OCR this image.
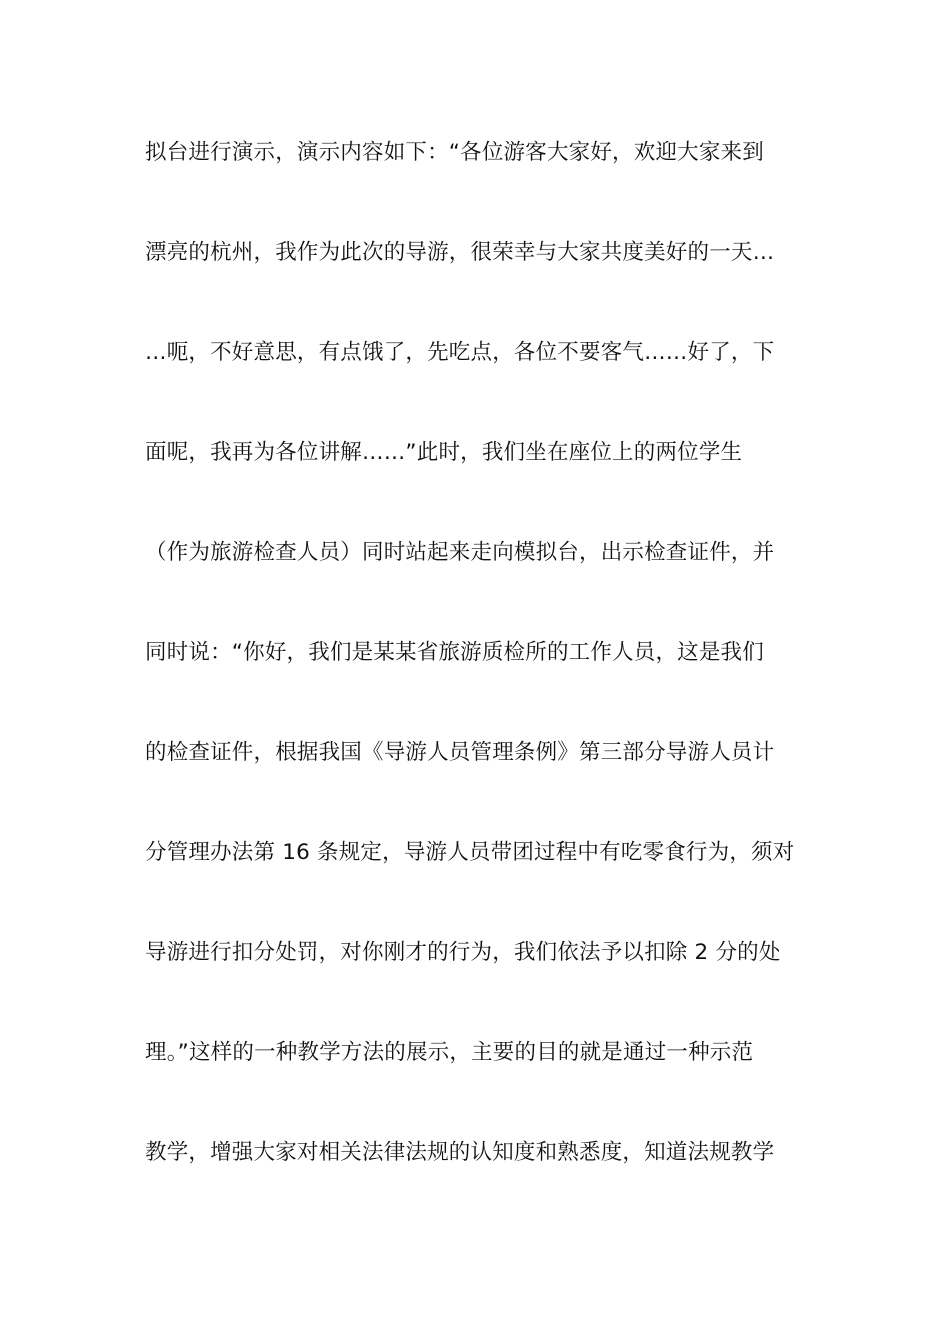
拟台进行演示，演示内容如下：“各位游客大家好，欢迎大家来到
漂亮的杭州，我作为此次的导游，很荣幸与大家共度美好的一天…
…呃，不好意思，有点饿了，先吃点，各位不要客气……好了，下
面呢，我再为各位讲解……”此时，我们坐在座位上的两位学生
（作为旅游检查人员）同时站起来走向模拟台，出示检查证件，并
同时说：“你好，我们是某某省旅游质检所的工作人员，这是我们
的检查证件，根据我国《导游人员管理条例》第三部分导游人员计
分管理办法第 16 条规定，导游人员带团过程中有吃零食行为，须对
导游进行扣分处罚，对你刚才的行为，我们依法予以扣除 2 分的处
理。”这样的一种教学方法的展示，主要的目的就是通过一种示范
教学，增强大家对相关法律法规的认知度和熟悉度，知道法规教学
